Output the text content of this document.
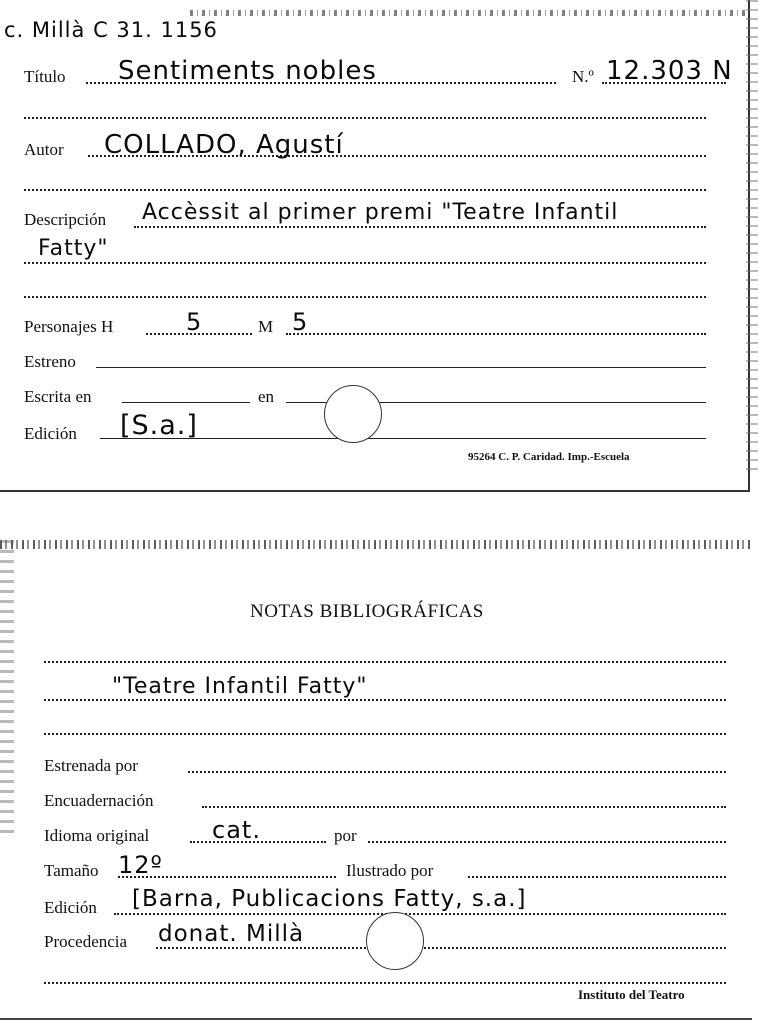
c. Millà C 31. 1156
Título Sentiments nobles	N.º 12.303 N
Autor COLLADO, Agustí
Descripción Accèssit al primer premi "Teatre Infantil
Fatty"
Personajes H	5	M 5
Estreno
Escrita en	en
Edición [S.a.]
95264 C. P. Caridad. Imp.-Escuela
NOTAS BIBLIOGRÁFICAS
"Teatre Infantil Fatty"
Estrenada por
Encuadernación
Idioma original	cat.	por
Tamaño 12º	Ilustrado por
Edición [Barna, Publicacions Fatty, s.a.]
Procedencia donat. Millà
Instituto del Teatro
